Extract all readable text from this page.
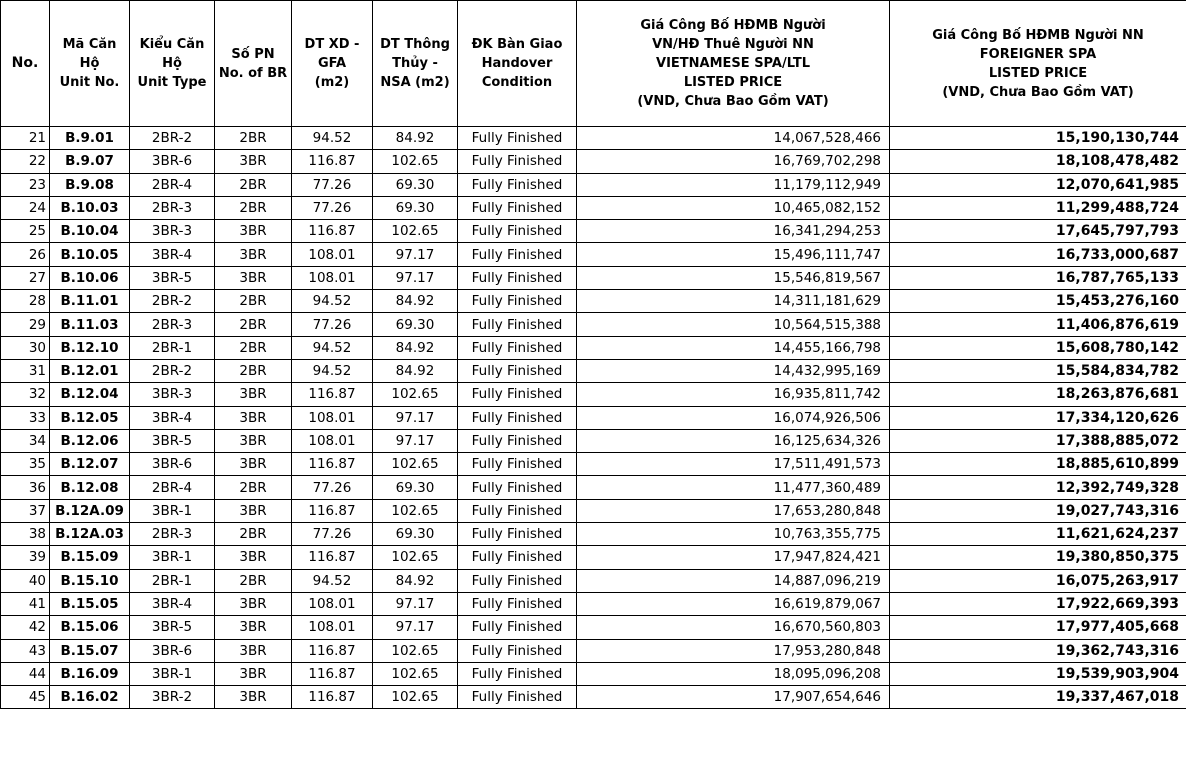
No.	Mã Căn
Hộ
Unit No.	Kiểu Căn
Hộ
Unit Type	Số PN
No. of BR	DT XD -
GFA
(m2)	DT Thông
Thủy -
NSA (m2)	ĐK Bàn Giao
Handover
Condition	Giá Công Bố HĐMB Người
VN/HĐ Thuê Người NN
VIETNAMESE SPA/LTL
LISTED PRICE
(VND, Chưa Bao Gồm VAT)	Giá Công Bố HĐMB Người NN
FOREIGNER SPA
LISTED PRICE
(VND, Chưa Bao Gồm VAT)
21	B.9.01	2BR-2	2BR	94.52	84.92	Fully Finished	14,067,528,466	15,190,130,744
22	B.9.07	3BR-6	3BR	116.87	102.65	Fully Finished	16,769,702,298	18,108,478,482
23	B.9.08	2BR-4	2BR	77.26	69.30	Fully Finished	11,179,112,949	12,070,641,985
24	B.10.03	2BR-3	2BR	77.26	69.30	Fully Finished	10,465,082,152	11,299,488,724
25	B.10.04	3BR-3	3BR	116.87	102.65	Fully Finished	16,341,294,253	17,645,797,793
26	B.10.05	3BR-4	3BR	108.01	97.17	Fully Finished	15,496,111,747	16,733,000,687
27	B.10.06	3BR-5	3BR	108.01	97.17	Fully Finished	15,546,819,567	16,787,765,133
28	B.11.01	2BR-2	2BR	94.52	84.92	Fully Finished	14,311,181,629	15,453,276,160
29	B.11.03	2BR-3	2BR	77.26	69.30	Fully Finished	10,564,515,388	11,406,876,619
30	B.12.10	2BR-1	2BR	94.52	84.92	Fully Finished	14,455,166,798	15,608,780,142
31	B.12.01	2BR-2	2BR	94.52	84.92	Fully Finished	14,432,995,169	15,584,834,782
32	B.12.04	3BR-3	3BR	116.87	102.65	Fully Finished	16,935,811,742	18,263,876,681
33	B.12.05	3BR-4	3BR	108.01	97.17	Fully Finished	16,074,926,506	17,334,120,626
34	B.12.06	3BR-5	3BR	108.01	97.17	Fully Finished	16,125,634,326	17,388,885,072
35	B.12.07	3BR-6	3BR	116.87	102.65	Fully Finished	17,511,491,573	18,885,610,899
36	B.12.08	2BR-4	2BR	77.26	69.30	Fully Finished	11,477,360,489	12,392,749,328
37	B.12A.09	3BR-1	3BR	116.87	102.65	Fully Finished	17,653,280,848	19,027,743,316
38	B.12A.03	2BR-3	2BR	77.26	69.30	Fully Finished	10,763,355,775	11,621,624,237
39	B.15.09	3BR-1	3BR	116.87	102.65	Fully Finished	17,947,824,421	19,380,850,375
40	B.15.10	2BR-1	2BR	94.52	84.92	Fully Finished	14,887,096,219	16,075,263,917
41	B.15.05	3BR-4	3BR	108.01	97.17	Fully Finished	16,619,879,067	17,922,669,393
42	B.15.06	3BR-5	3BR	108.01	97.17	Fully Finished	16,670,560,803	17,977,405,668
43	B.15.07	3BR-6	3BR	116.87	102.65	Fully Finished	17,953,280,848	19,362,743,316
44	B.16.09	3BR-1	3BR	116.87	102.65	Fully Finished	18,095,096,208	19,539,903,904
45	B.16.02	3BR-2	3BR	116.87	102.65	Fully Finished	17,907,654,646	19,337,467,018
